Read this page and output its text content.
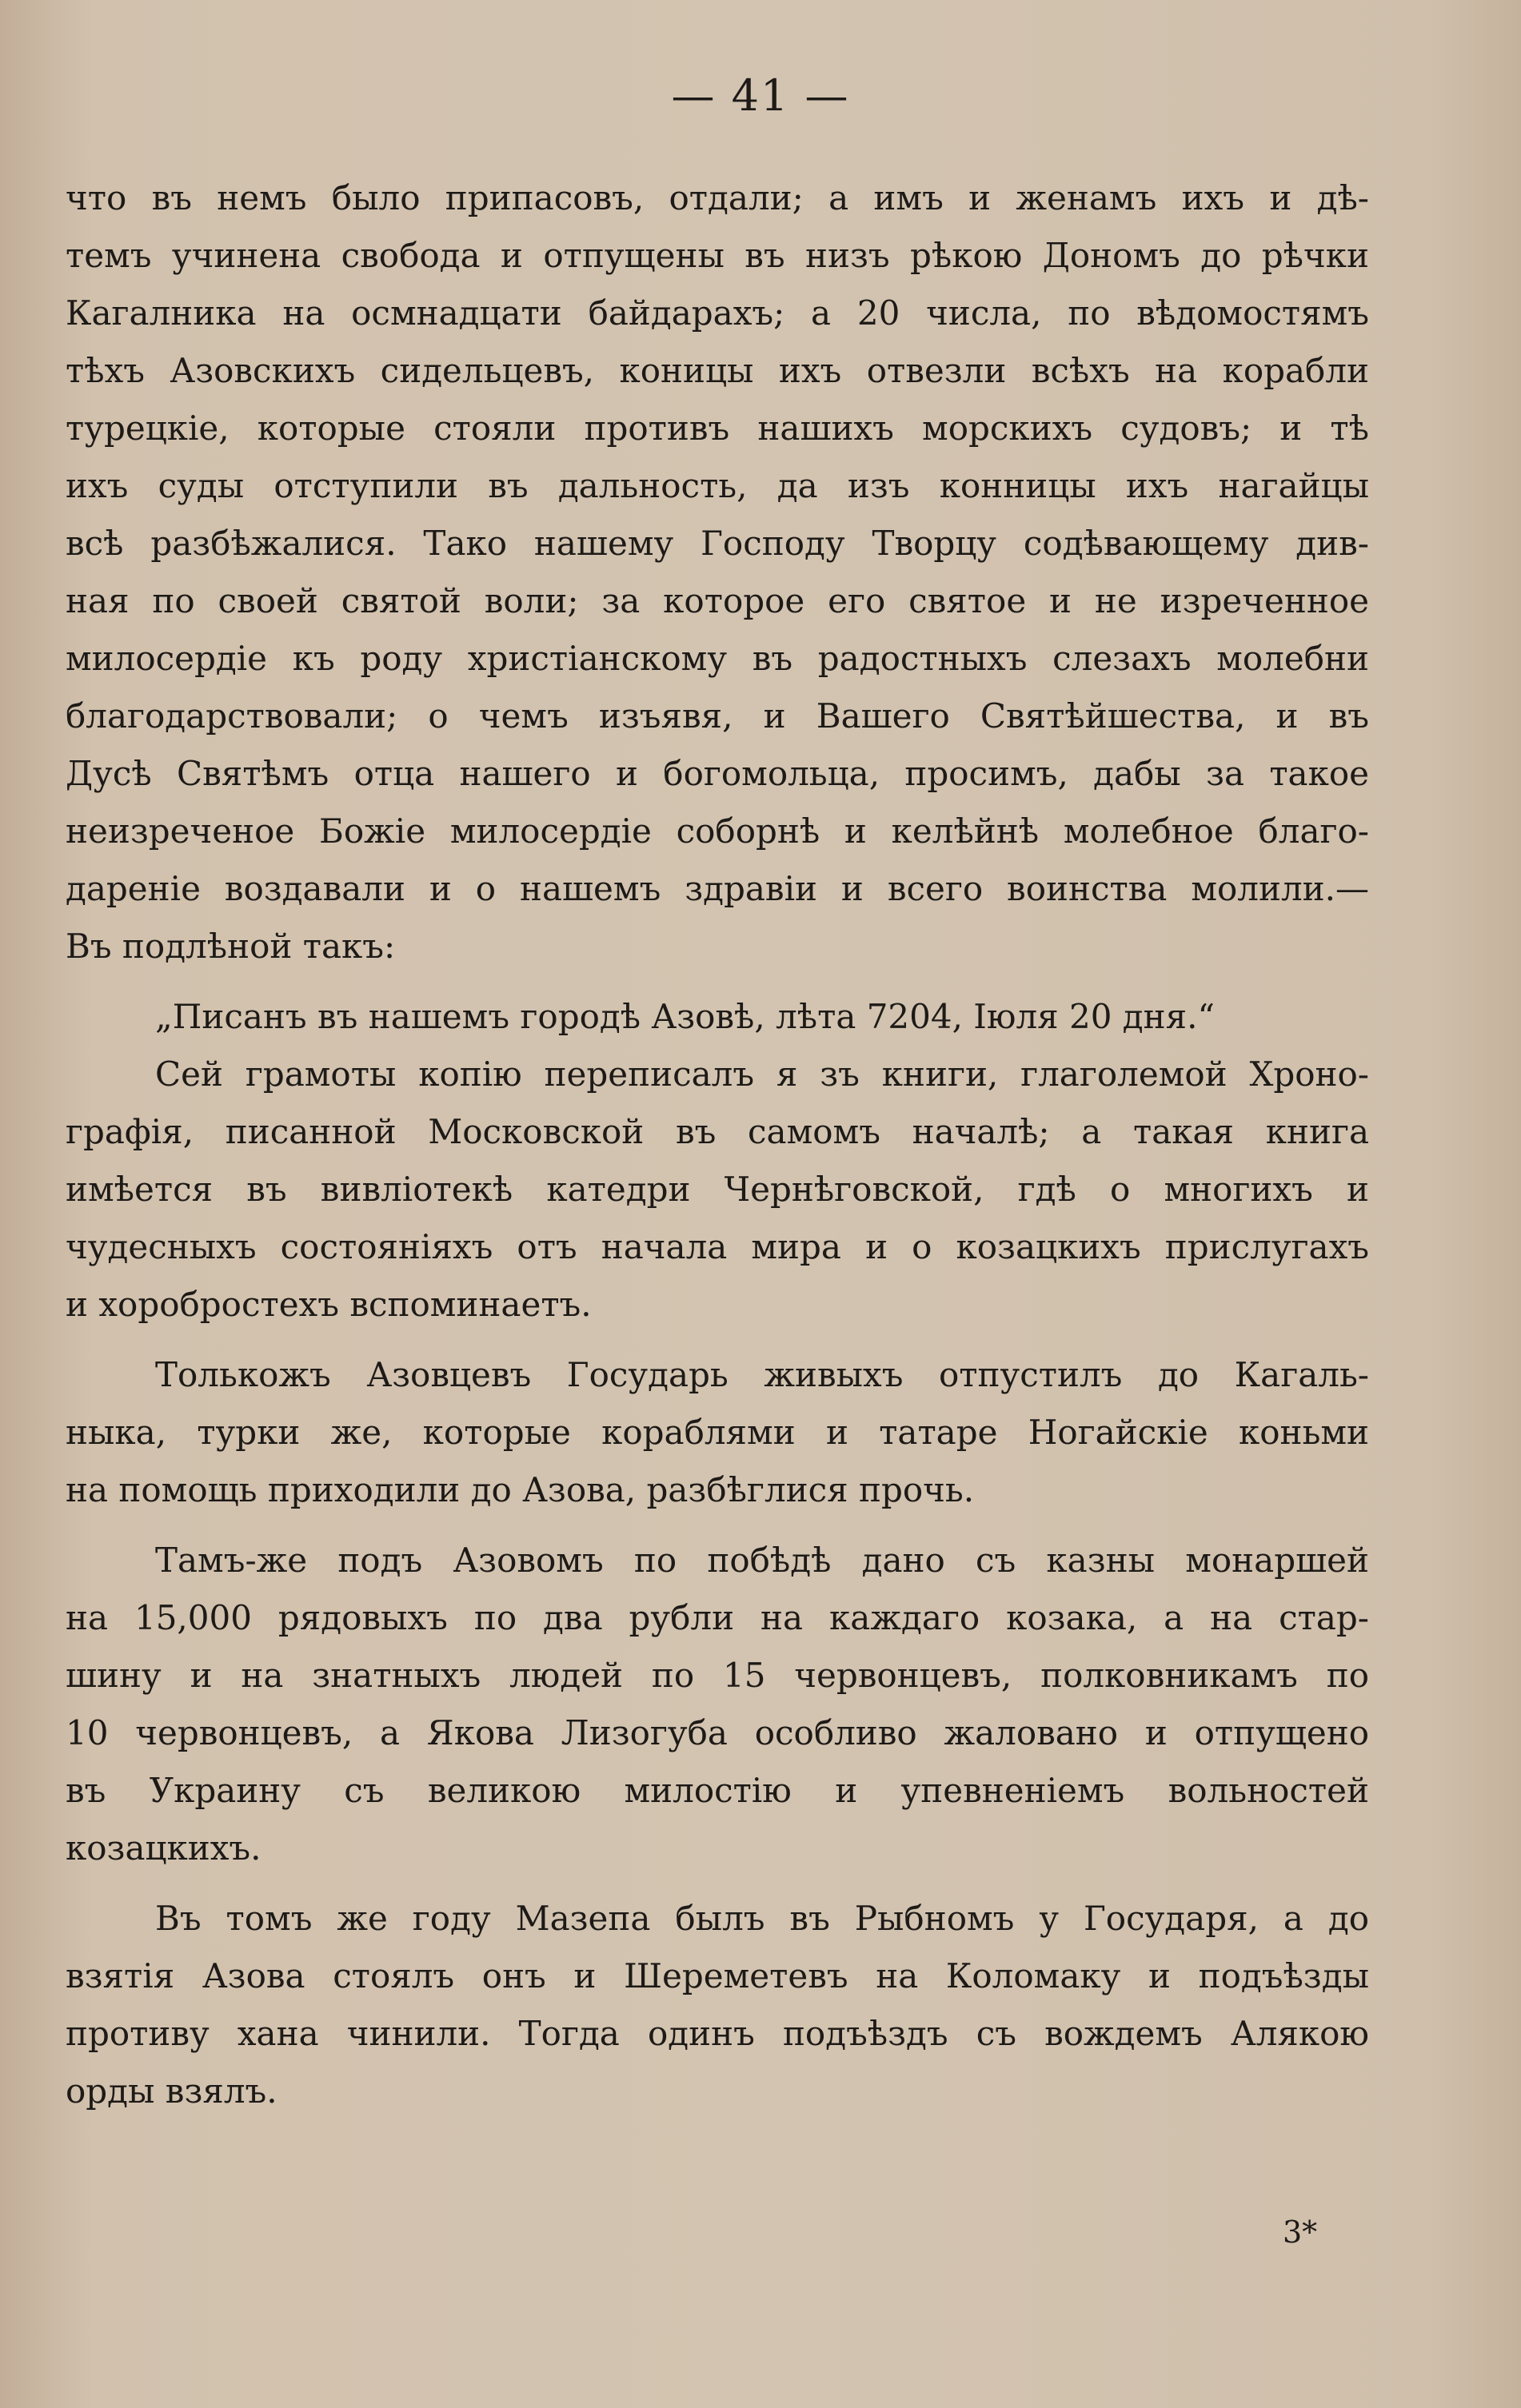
— 41 —
что въ немъ было припасовъ, отдали; а имъ и женамъ ихъ и дѣ-
темъ учинена свобода и отпущены въ низъ рѣкою Дономъ до рѣчки
Кагалника на осмнадцати байдарахъ; а 20 числа, по вѣдомостямъ
тѣхъ Азовскихъ сидельцевъ, коницы ихъ отвезли всѣхъ на корабли
турецкіе, которые стояли противъ нашихъ морскихъ судовъ; и тѣ
ихъ суды отступили въ дальность, да изъ конницы ихъ нагайцы
всѣ разбѣжалися. Тако нашему Господу Творцу содѣвающему див-
ная по своей святой воли; за которое его святое и не изреченное
милосердіе къ роду христіанскому въ радостныхъ слезахъ молебни
благодарствовали; о чемъ изъявя, и Вашего Святѣйшества, и въ
Дусѣ Святѣмъ отца нашего и богомольца, просимъ, дабы за такое
неизреченое Божіе милосердіе соборнѣ и келѣйнѣ молебное благо-
дареніе воздавали и о нашемъ здравіи и всего воинства молили.—
Въ подлѣной такъ:
„Писанъ въ нашемъ городѣ Азовѣ, лѣта 7204, Іюля 20 дня.“
Сей грамоты копію переписалъ я зъ книги, глаголемой Хроно-
графія, писанной Московской въ самомъ началѣ; а такая книга
имѣется въ вивліотекѣ катедри Чернѣговской, гдѣ о многихъ и
чудесныхъ состояніяхъ отъ начала мира и о козацкихъ прислугахъ
и хоробростехъ вспоминаетъ.
Толькожъ Азовцевъ Государь живыхъ отпустилъ до Кагаль-
ныка, турки же, которые кораблями и татаре Ногайскіе коньми
на помощь приходили до Азова, разбѣглися прочь.
Тамъ-же подъ Азовомъ по побѣдѣ дано съ казны монаршей
на 15,000 рядовыхъ по два рубли на каждаго козака, а на стар-
шину и на знатныхъ людей по 15 червонцевъ, полковникамъ по
10 червонцевъ, а Якова Лизогуба особливо жаловано и отпущено
въ Украину съ великою милостію и упевненіемъ вольностей
козацкихъ.
Въ томъ же году Мазепа былъ въ Рыбномъ у Государя, а до
взятія Азова стоялъ онъ и Шереметевъ на Коломаку и подъѣзды
противу хана чинили. Тогда одинъ подъѣздъ съ вождемъ Алякою
орды взялъ.
3*
